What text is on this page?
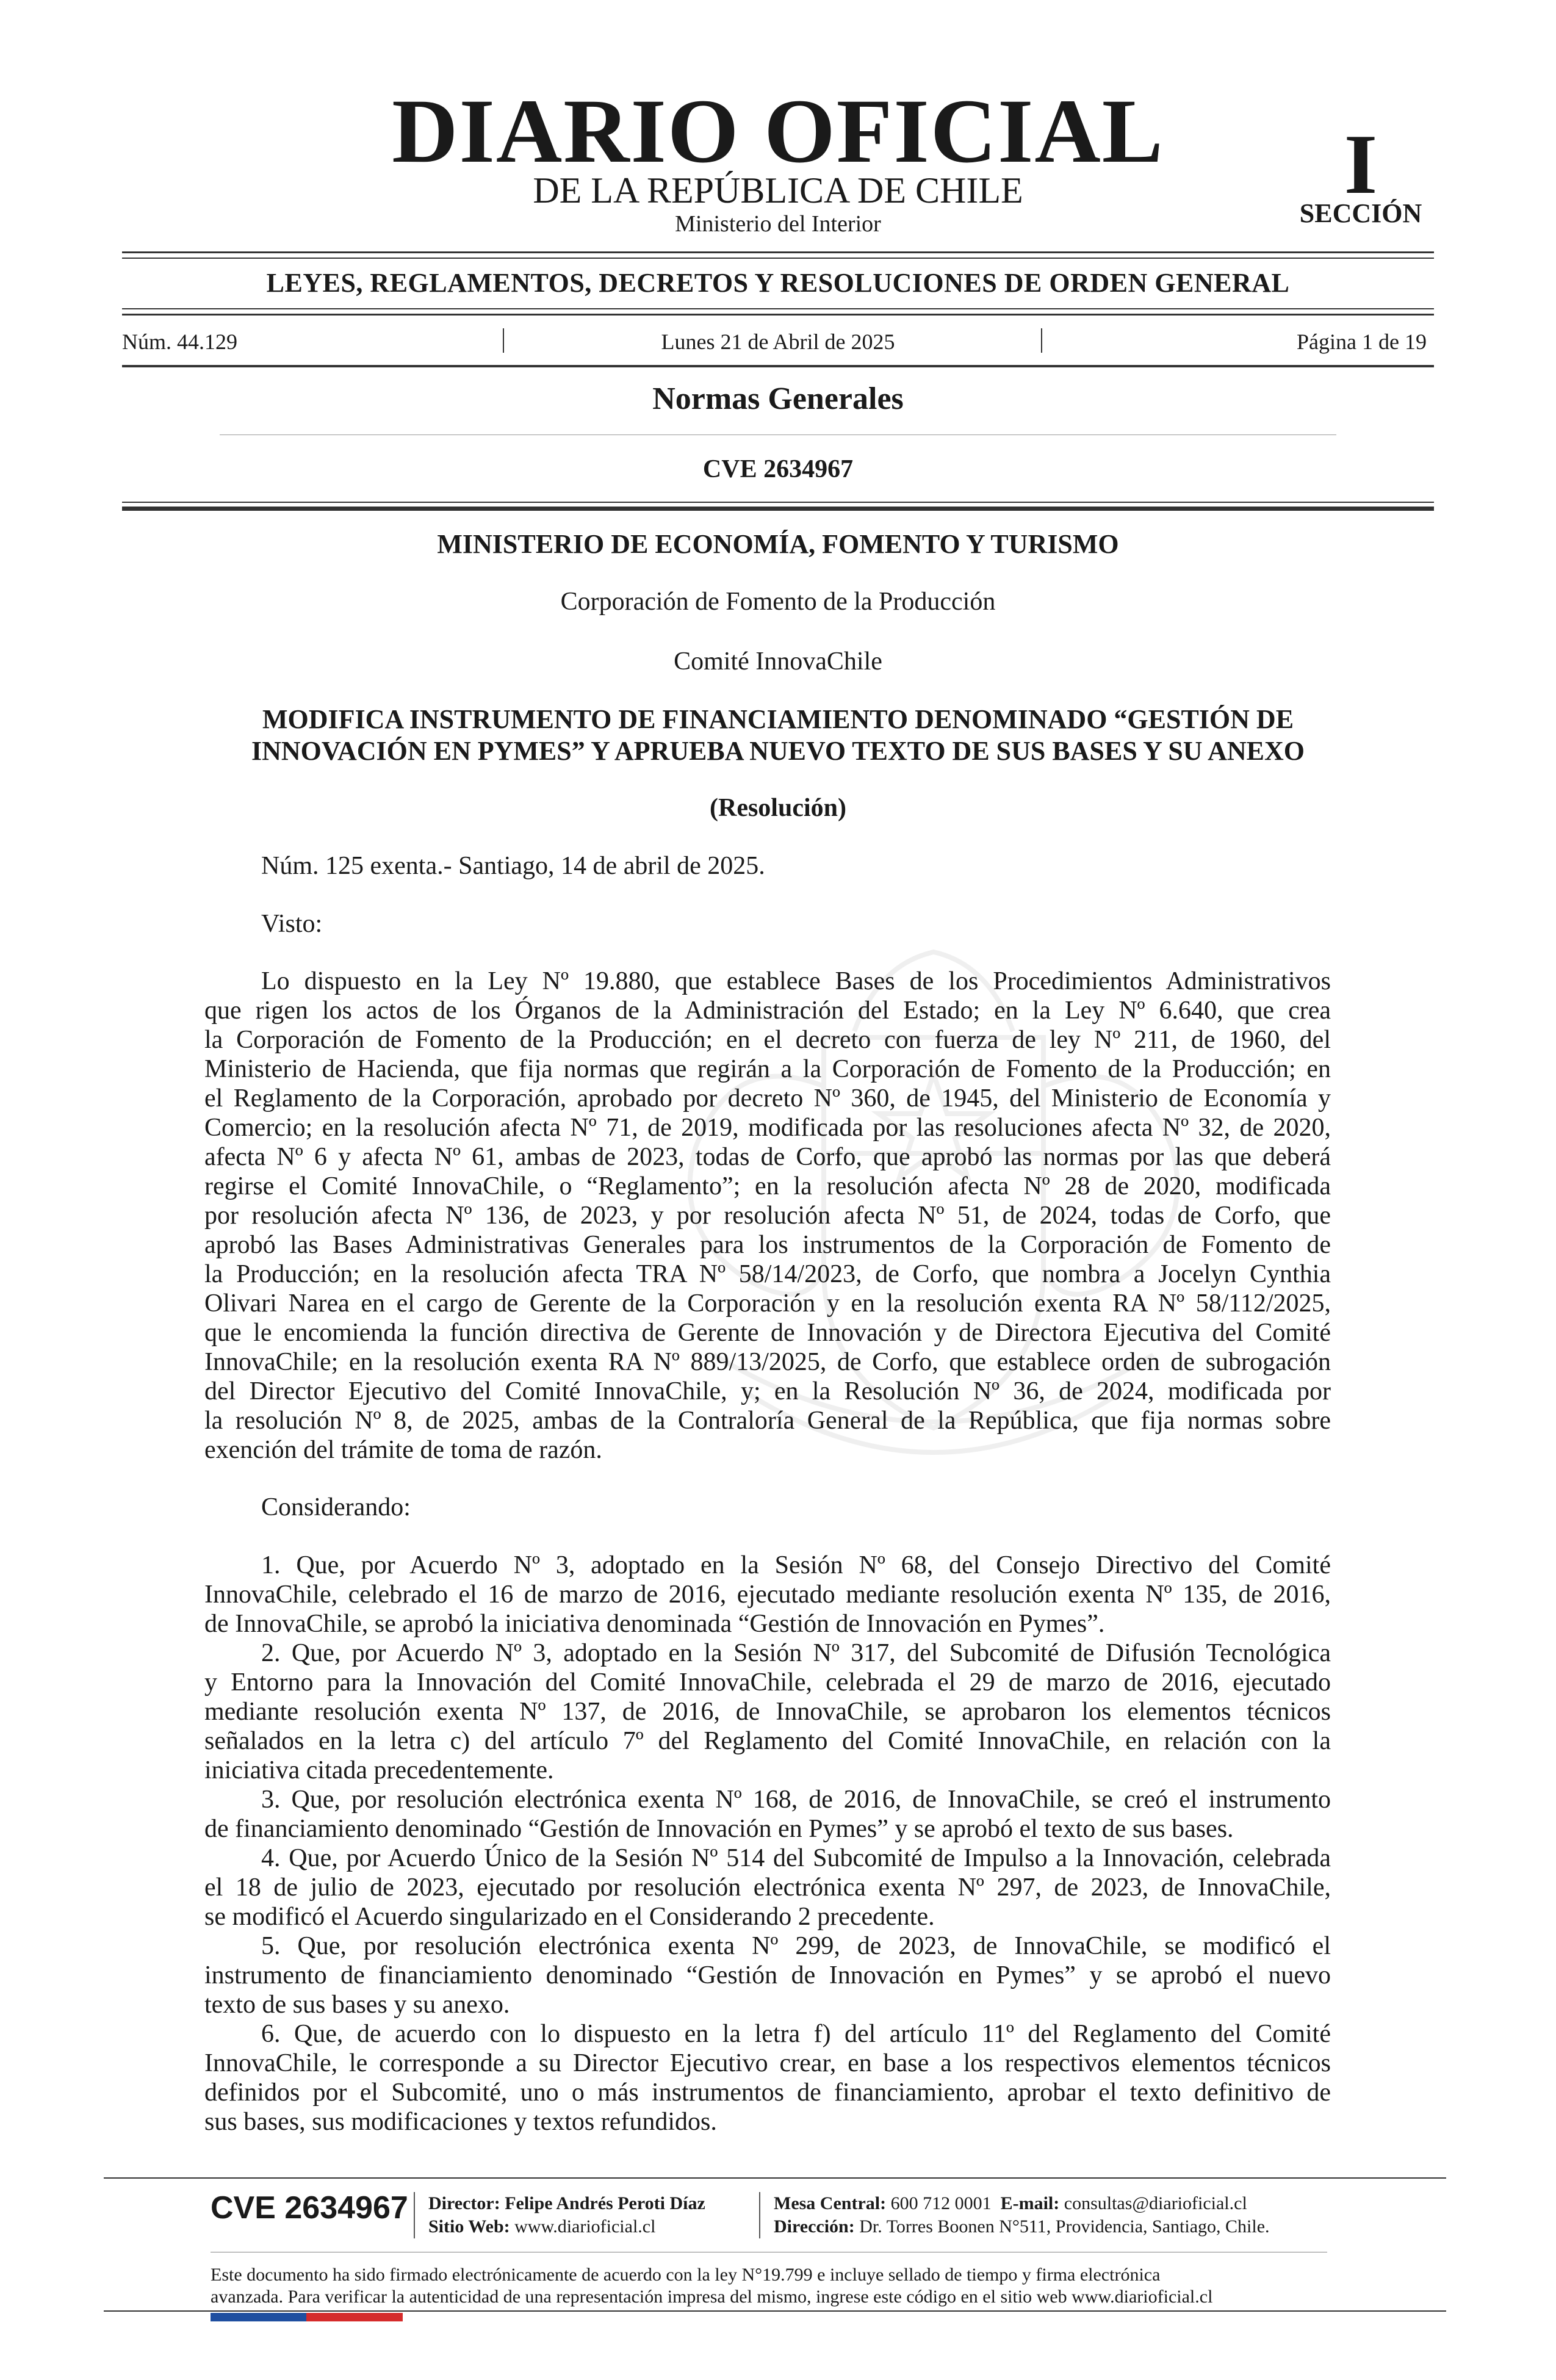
DIARIO OFICIAL
DE LA REPÚBLICA DE CHILE
Ministerio del Interior
I
SECCIÓN
LEYES, REGLAMENTOS, DECRETOS Y RESOLUCIONES DE ORDEN GENERAL
Núm. 44.129	Lunes 21 de Abril de 2025	Página 1 de 19
Normas Generales
CVE 2634967
MINISTERIO DE ECONOMÍA, FOMENTO Y TURISMO
Corporación de Fomento de la Producción
Comité InnovaChile
MODIFICA INSTRUMENTO DE FINANCIAMIENTO DENOMINADO “GESTIÓN DE
INNOVACIÓN EN PYMES” Y APRUEBA NUEVO TEXTO DE SUS BASES Y SU ANEXO
(Resolución)
Núm. 125 exenta.- Santiago, 14 de abril de 2025.
Visto:
Lo dispuesto en la Ley Nº 19.880, que establece Bases de los Procedimientos Administrativos
que rigen los actos de los Órganos de la Administración del Estado; en la Ley Nº 6.640, que crea
la Corporación de Fomento de la Producción; en el decreto con fuerza de ley Nº 211, de 1960, del
Ministerio de Hacienda, que fija normas que regirán a la Corporación de Fomento de la Producción; en
el Reglamento de la Corporación, aprobado por decreto Nº 360, de 1945, del Ministerio de Economía y
Comercio; en la resolución afecta Nº 71, de 2019, modificada por las resoluciones afecta Nº 32, de 2020,
afecta Nº 6 y afecta Nº 61, ambas de 2023, todas de Corfo, que aprobó las normas por las que deberá
regirse el Comité InnovaChile, o “Reglamento”; en la resolución afecta Nº 28 de 2020, modificada
por resolución afecta Nº 136, de 2023, y por resolución afecta Nº 51, de 2024, todas de Corfo, que
aprobó las Bases Administrativas Generales para los instrumentos de la Corporación de Fomento de
la Producción; en la resolución afecta TRA Nº 58/14/2023, de Corfo, que nombra a Jocelyn Cynthia
Olivari Narea en el cargo de Gerente de la Corporación y en la resolución exenta RA Nº 58/112/2025,
que le encomienda la función directiva de Gerente de Innovación y de Directora Ejecutiva del Comité
InnovaChile; en la resolución exenta RA Nº 889/13/2025, de Corfo, que establece orden de subrogación
del Director Ejecutivo del Comité InnovaChile, y; en la Resolución Nº 36, de 2024, modificada por
la resolución Nº 8, de 2025, ambas de la Contraloría General de la República, que fija normas sobre
exención del trámite de toma de razón.
Considerando:
1. Que, por Acuerdo Nº 3, adoptado en la Sesión Nº 68, del Consejo Directivo del Comité
InnovaChile, celebrado el 16 de marzo de 2016, ejecutado mediante resolución exenta Nº 135, de 2016,
de InnovaChile, se aprobó la iniciativa denominada “Gestión de Innovación en Pymes”.
2. Que, por Acuerdo Nº 3, adoptado en la Sesión Nº 317, del Subcomité de Difusión Tecnológica
y Entorno para la Innovación del Comité InnovaChile, celebrada el 29 de marzo de 2016, ejecutado
mediante resolución exenta Nº 137, de 2016, de InnovaChile, se aprobaron los elementos técnicos
señalados en la letra c) del artículo 7º del Reglamento del Comité InnovaChile, en relación con la
iniciativa citada precedentemente.
3. Que, por resolución electrónica exenta Nº 168, de 2016, de InnovaChile, se creó el instrumento
de financiamiento denominado “Gestión de Innovación en Pymes” y se aprobó el texto de sus bases.
4. Que, por Acuerdo Único de la Sesión Nº 514 del Subcomité de Impulso a la Innovación, celebrada
el 18 de julio de 2023, ejecutado por resolución electrónica exenta Nº 297, de 2023, de InnovaChile,
se modificó el Acuerdo singularizado en el Considerando 2 precedente.
5. Que, por resolución electrónica exenta Nº 299, de 2023, de InnovaChile, se modificó el
instrumento de financiamiento denominado “Gestión de Innovación en Pymes” y se aprobó el nuevo
texto de sus bases y su anexo.
6. Que, de acuerdo con lo dispuesto en la letra f) del artículo 11º del Reglamento del Comité
InnovaChile, le corresponde a su Director Ejecutivo crear, en base a los respectivos elementos técnicos
definidos por el Subcomité, uno o más instrumentos de financiamiento, aprobar el texto definitivo de
sus bases, sus modificaciones y textos refundidos.
CVE 2634967 Director: Felipe Andrés Peroti Díaz
Sitio Web: www.diarioficial.cl
Mesa Central: 600 712 0001 E-mail: consultas@diarioficial.cl
Dirección: Dr. Torres Boonen N°511, Providencia, Santiago, Chile.
Este documento ha sido firmado electrónicamente de acuerdo con la ley N°19.799 e incluye sellado de tiempo y firma electrónica
avanzada. Para verificar la autenticidad de una representación impresa del mismo, ingrese este código en el sitio web www.diarioficial.cl
